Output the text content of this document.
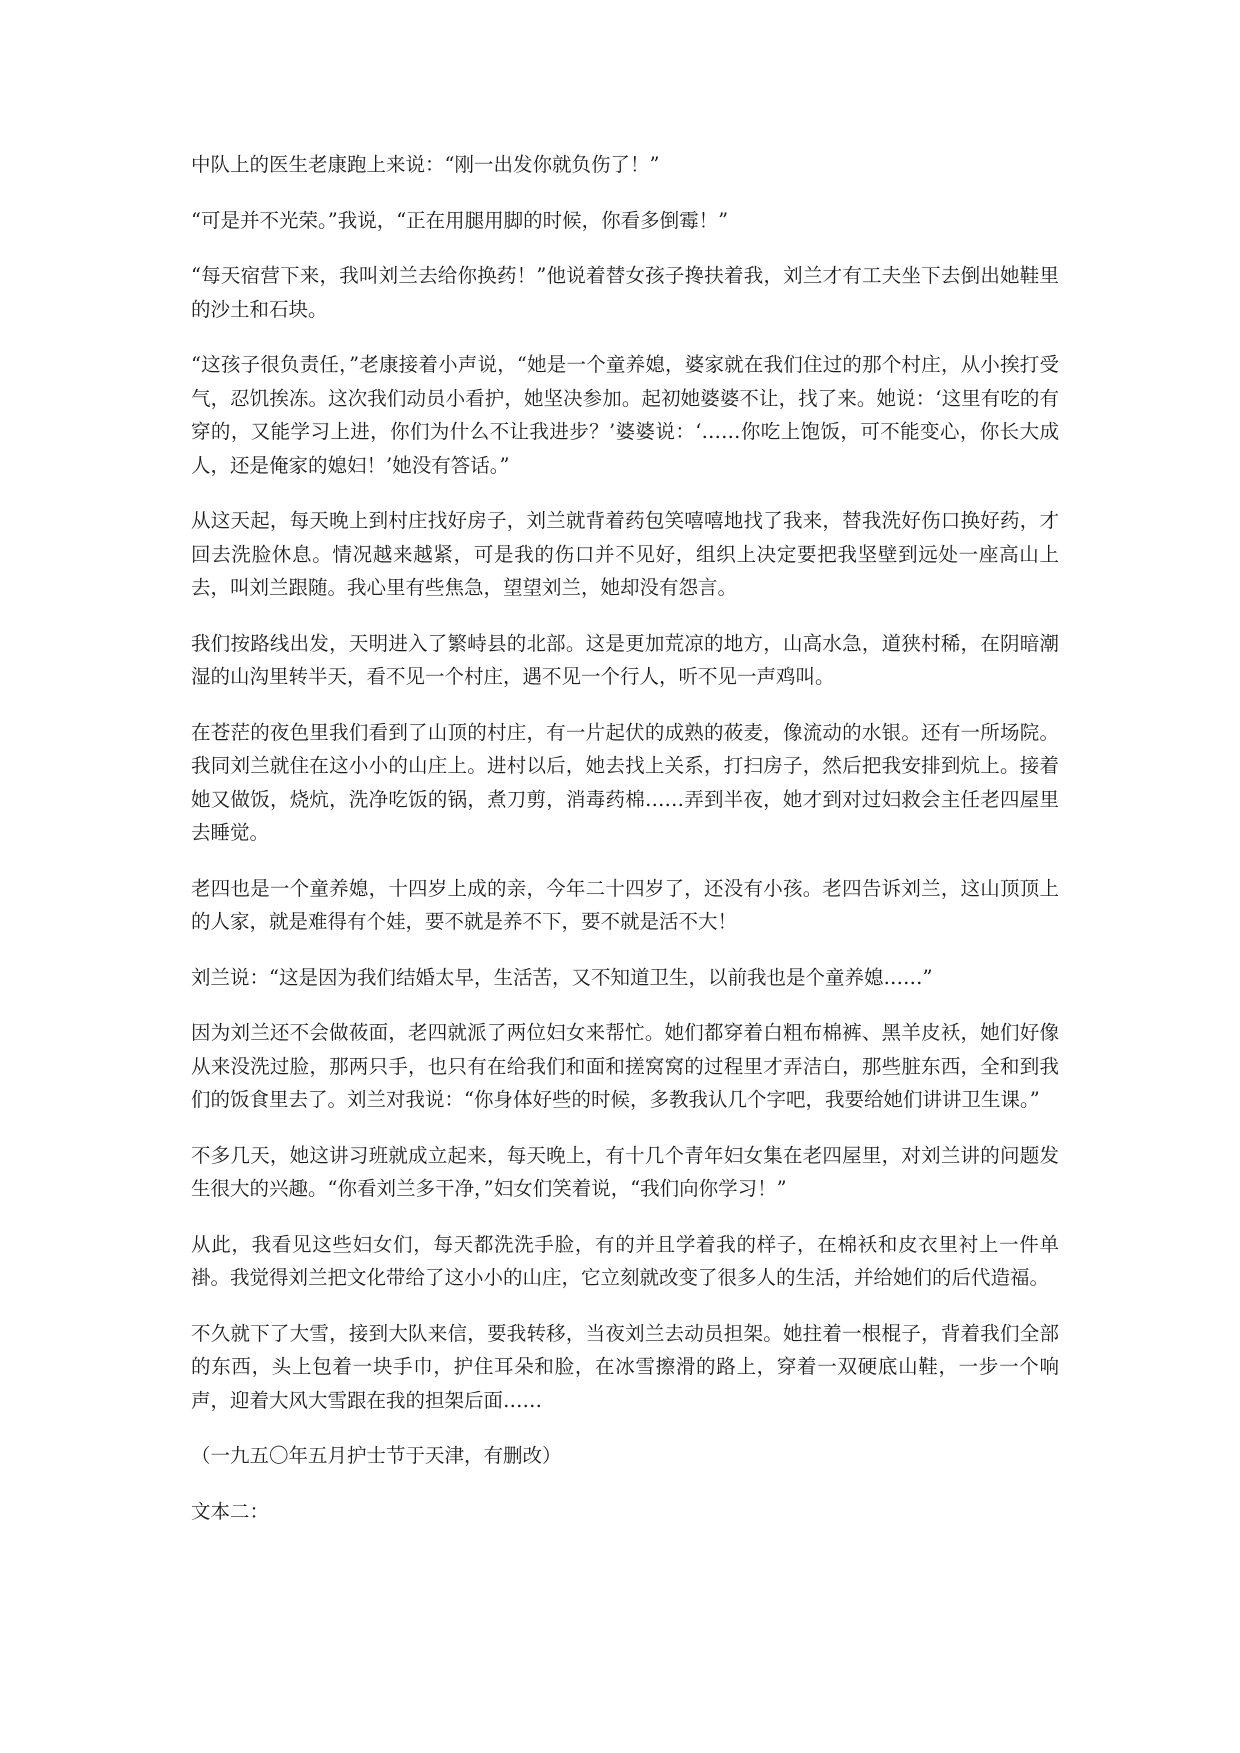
中队上的医生老康跑上来说：“刚一出发你就负伤了！”

“可是并不光荣。”我说，“正在用腿用脚的时候，你看多倒霉！”

“每天宿营下来，我叫刘兰去给你换药！”他说着替女孩子搀扶着我，刘兰才有工夫坐下去倒出她鞋里的沙土和石块。

“这孩子很负责任，”老康接着小声说，“她是一个童养媳，婆家就在我们住过的那个村庄，从小挨打受气，忍饥挨冻。这次我们动员小看护，她坚决参加。起初她婆婆不让，找了来。她说：‘这里有吃的有穿的，又能学习上进，你们为什么不让我进步？’婆婆说：‘……你吃上饱饭，可不能变心，你长大成人，还是俺家的媳妇！’她没有答话。”

从这天起，每天晚上到村庄找好房子，刘兰就背着药包笑嘻嘻地找了我来，替我洗好伤口换好药，才回去洗脸休息。情况越来越紧，可是我的伤口并不见好，组织上决定要把我坚壁到远处一座高山上去，叫刘兰跟随。我心里有些焦急，望望刘兰，她却没有怨言。

我们按路线出发，天明进入了繁峙县的北部。这是更加荒凉的地方，山高水急，道狭村稀，在阴暗潮湿的山沟里转半天，看不见一个村庄，遇不见一个行人，听不见一声鸡叫。

在苍茫的夜色里我们看到了山顶的村庄，有一片起伏的成熟的莜麦，像流动的水银。还有一所场院。我同刘兰就住在这小小的山庄上。进村以后，她去找上关系，打扫房子，然后把我安排到炕上。接着她又做饭，烧炕，洗净吃饭的锅，煮刀剪，消毒药棉……弄到半夜，她才到对过妇救会主任老四屋里去睡觉。

老四也是一个童养媳，十四岁上成的亲，今年二十四岁了，还没有小孩。老四告诉刘兰，这山顶顶上的人家，就是难得有个娃，要不就是养不下，要不就是活不大！

刘兰说：“这是因为我们结婚太早，生活苦，又不知道卫生，以前我也是个童养媳……”

因为刘兰还不会做莜面，老四就派了两位妇女来帮忙。她们都穿着白粗布棉裤、黑羊皮袄，她们好像从来没洗过脸，那两只手，也只有在给我们和面和搓窝窝的过程里才弄洁白，那些脏东西，全和到我们的饭食里去了。刘兰对我说：“你身体好些的时候，多教我认几个字吧，我要给她们讲讲卫生课。”

不多几天，她这讲习班就成立起来，每天晚上，有十几个青年妇女集在老四屋里，对刘兰讲的问题发生很大的兴趣。“你看刘兰多干净，”妇女们笑着说，“我们向你学习！”

从此，我看见这些妇女们，每天都洗洗手脸，有的并且学着我的样子，在棉袄和皮衣里衬上一件单褂。我觉得刘兰把文化带给了这小小的山庄，它立刻就改变了很多人的生活，并给她们的后代造福。

不久就下了大雪，接到大队来信，要我转移，当夜刘兰去动员担架。她拄着一根棍子，背着我们全部的东西，头上包着一块手巾，护住耳朵和脸，在冰雪擦滑的路上，穿着一双硬底山鞋，一步一个响声，迎着大风大雪跟在我的担架后面……

（一九五〇年五月护士节于天津，有删改）

文本二：
